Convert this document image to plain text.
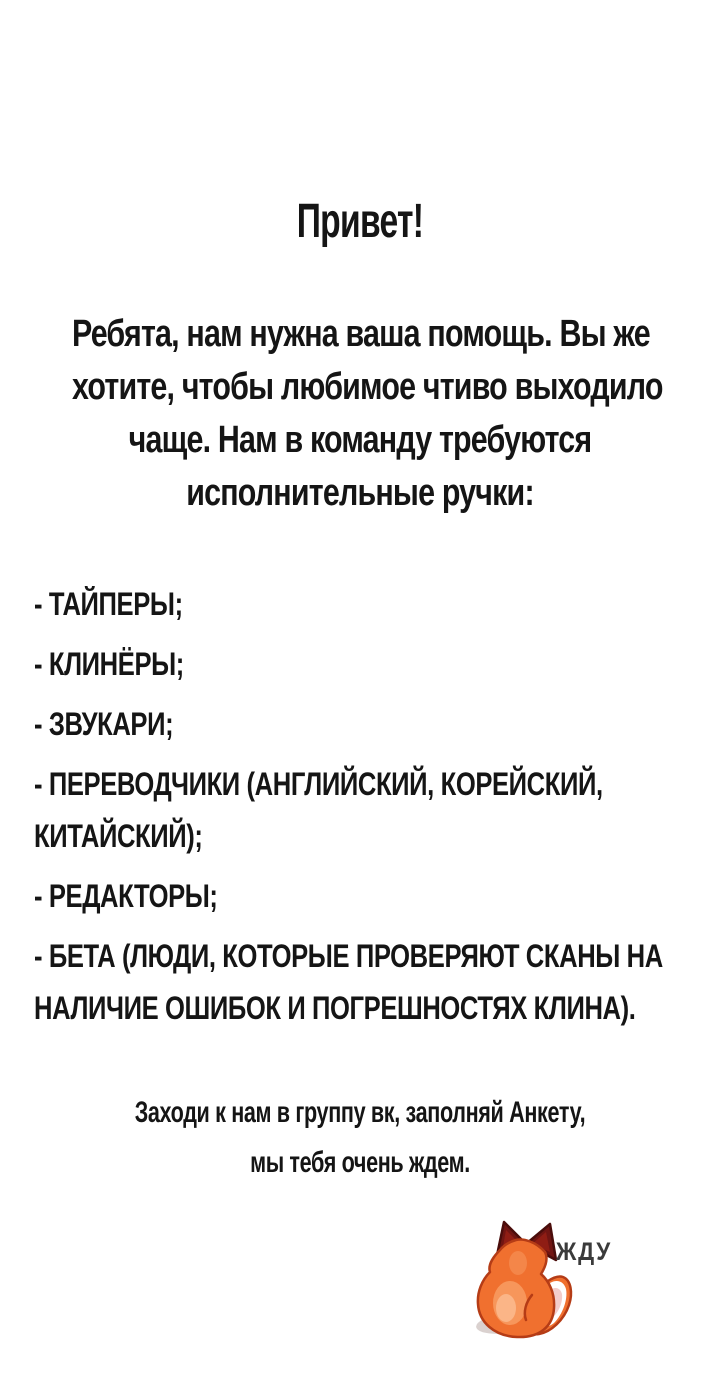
Привет!
Ребята, нам нужна ваша помощь. Вы же
хотите, чтобы любимое чтиво выходило
чаще. Нам в команду требуются
исполнительные ручки:
- ТАЙПЕРЫ;
- КЛИНЁРЫ;
- ЗВУКАРИ;
- ПЕРЕВОДЧИКИ (АНГЛИЙСКИЙ, КОРЕЙСКИЙ,
КИТАЙСКИЙ);
- РЕДАКТОРЫ;
- БЕТА (ЛЮДИ, КОТОРЫЕ ПРОВЕРЯЮТ СКАНЫ НА
НАЛИЧИЕ ОШИБОК И ПОГРЕШНОСТЯХ КЛИНА).
Заходи к нам в группу вк, заполняй Анкету,
мы тебя очень ждем.
ЖДУ
